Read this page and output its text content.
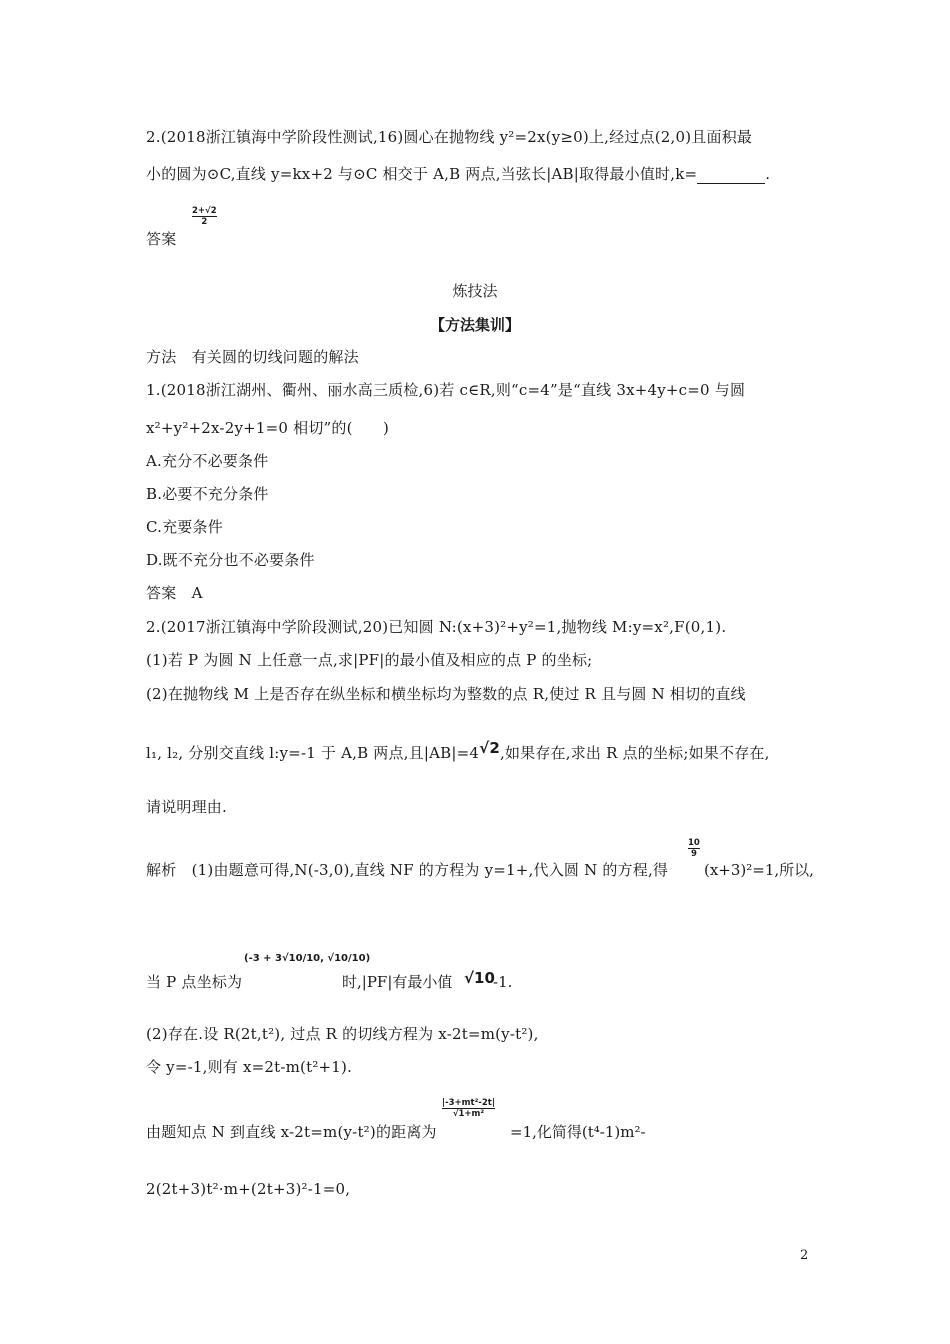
2.(2018浙江镇海中学阶段性测试,16)圆心在抛物线 y²=2x(y≥0)上,经过点(2,0)且面积最
小的圆为⊙C,直线 y=kx+2 与⊙C 相交于 A,B 两点,当弦长|AB|取得最小值时,k=	.
答案
$\frac{2+√2}{2}$
炼技法
【方法集训】
方法　有关圆的切线问题的解法
1.(2018浙江湖州、衢州、丽水高三质检,6)若 c∈R,则“c=4”是“直线 3x+4y+c=0 与圆
x²+y²+2x-2y+1=0 相切”的(　　)
A.充分不必要条件
B.必要不充分条件
C.充要条件
D.既不充分也不必要条件
答案　A
2.(2017浙江镇海中学阶段测试,20)已知圆 N:(x+3)²+y²=1,抛物线 M:y=x²,F(0,1).
(1)若 P 为圆 N 上任意一点,求|PF|的最小值及相应的点 P 的坐标;
(2)在抛物线 M 上是否存在纵坐标和横坐标均为整数的点 R,使过 R 且与圆 N 相切的直线
l₁, l₂, 分别交直线 l:y=-1 于 A,B 两点,且|AB|=4√2,如果存在,求出 R 点的坐标;如果不存在,
请说明理由.
解析　(1)由题意可得,N(-3,0),直线 NF 的方程为 y=1+,代入圆 N 的方程,得
$\frac{10}{9}$
(x+3)²=1,所以,
当 P 点坐标为
(-3 + 3√10/10, √10/10)
时,|PF|有最小值 √10
-1.
(2)存在.设 R(2t,t²), 过点 R 的切线方程为 x-2t=m(y-t²),
令 y=-1,则有 x=2t-m(t²+1).
由题知点 N 到直线 x-2t=m(y-t²)的距离为
$\frac{\text{|-3+mt²-2t|}}{\text{√1+m²}}$
=1,化简得(t⁴-1)m²-
2(2t+3)t²·m+(2t+3)²-1=0,
2
